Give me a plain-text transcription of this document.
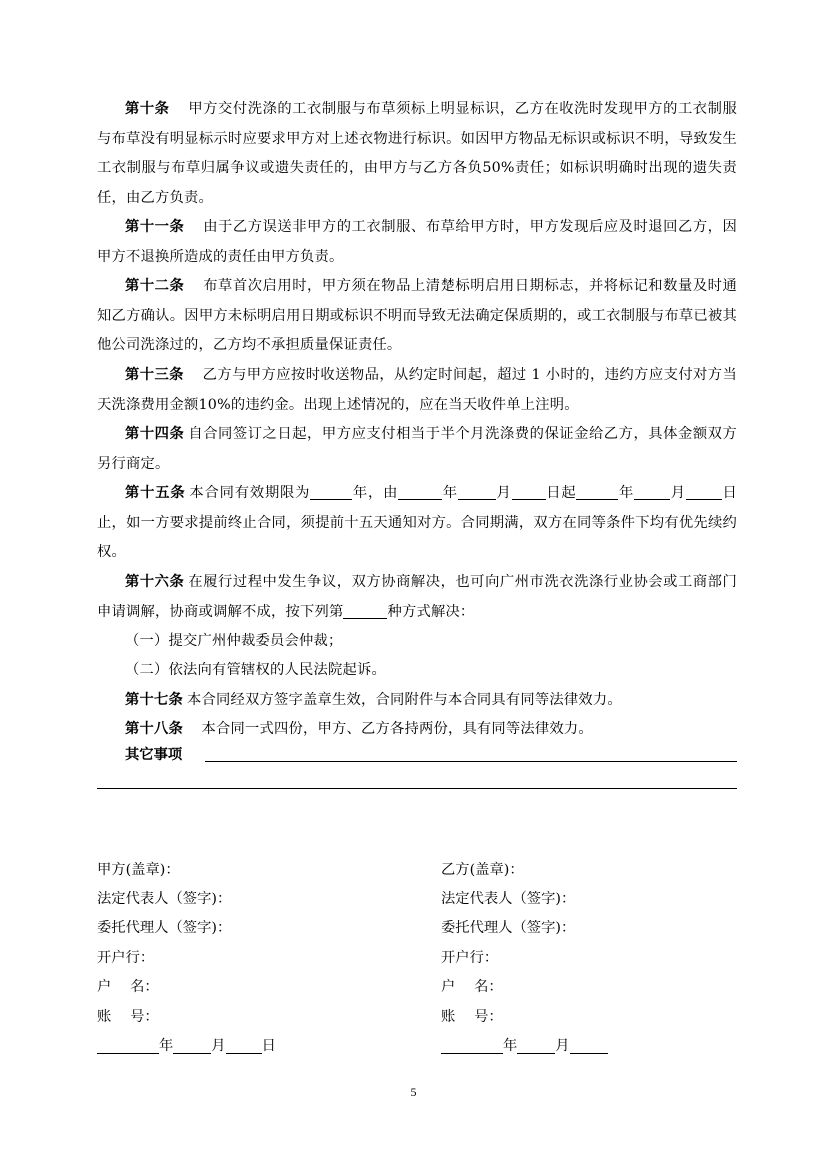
第十条　甲方交付洗涤的工衣制服与布草须标上明显标识，乙方在收洗时发现甲方的工衣制服与布草没有明显标示时应要求甲方对上述衣物进行标识。如因甲方物品无标识或标识不明，导致发生工衣制服与布草归属争议或遗失责任的，由甲方与乙方各负50%责任；如标识明确时出现的遗失责任，由乙方负责。
第十一条　由于乙方误送非甲方的工衣制服、布草给甲方时，甲方发现后应及时退回乙方，因甲方不退换所造成的责任由甲方负责。
第十二条　布草首次启用时，甲方须在物品上清楚标明启用日期标志，并将标记和数量及时通知乙方确认。因甲方未标明启用日期或标识不明而导致无法确定保质期的，或工衣制服与布草已被其他公司洗涤过的，乙方均不承担质量保证责任。
第十三条　乙方与甲方应按时收送物品，从约定时间起，超过 1 小时的，违约方应支付对方当天洗涤费用金额10%的违约金。出现上述情况的，应在当天收件单上注明。
第十四条 自合同签订之日起，甲方应支付相当于半个月洗涤费的保证金给乙方，具体金额双方另行商定。
第十五条 本合同有效期限为	年，由	年	月 日起	年	月	日止，如一方要求提前终止合同，须提前十五天通知对方。合同期满，双方在同等条件下均有优先续约权。
第十六条 在履行过程中发生争议，双方协商解决，也可向广州市洗衣洗涤行业协会或工商部门申请调解，协商或调解不成，按下列第	种方式解决：
（一）提交广州仲裁委员会仲裁；
（二）依法向有管辖权的人民法院起诉。
第十七条 本合同经双方签字盖章生效，合同附件与本合同具有同等法律效力。
第十八条　本合同一式四份，甲方、乙方各持两份，具有同等法律效力。
其它事项
甲方(盖章)：
法定代表人（签字)：
委托代理人（签字)：
开户行：
户　 名：
账　 号：
年	月	日
乙方(盖章)：
法定代表人（签字)：
委托代理人（签字)：
开户行：
户　 名：
账　 号：
年	月
5
